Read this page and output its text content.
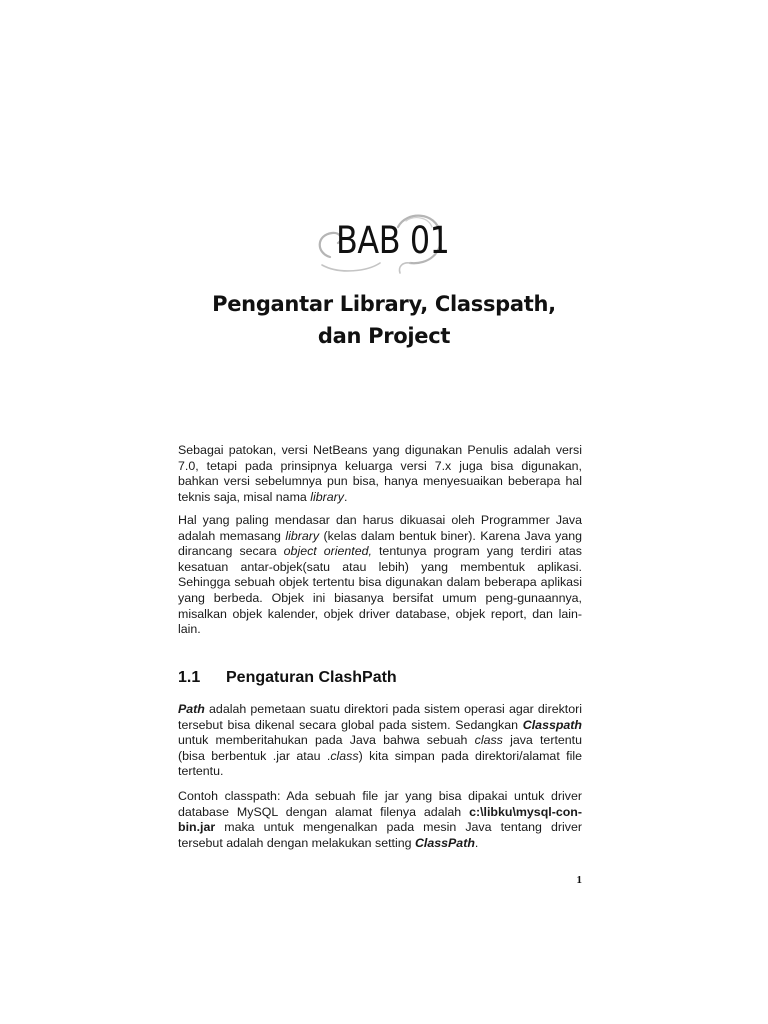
BAB 01
Pengantar Library, Classpath,
dan Project

Sebagai patokan, versi NetBeans yang digunakan Penulis adalah versi 7.0, tetapi pada prinsipnya keluarga versi 7.x juga bisa digunakan, bahkan versi sebelumnya pun bisa, hanya menyesuaikan beberapa hal teknis saja, misal nama library.

Hal yang paling mendasar dan harus dikuasai oleh Programmer Java adalah memasang library (kelas dalam bentuk biner). Karena Java yang dirancang secara object oriented, tentunya program yang terdiri atas kesatuan antar-objek(satu atau lebih) yang membentuk aplikasi. Sehingga sebuah objek tertentu bisa digunakan dalam beberapa aplikasi yang berbeda. Objek ini biasanya bersifat umum peng-gunaannya, misalkan objek kalender, objek driver database, objek report, dan lain-lain.

1.1 Pengaturan ClashPath

Path adalah pemetaan suatu direktori pada sistem operasi agar direktori tersebut bisa dikenal secara global pada sistem. Sedangkan Classpath untuk memberitahukan pada Java bahwa sebuah class java tertentu (bisa berbentuk .jar atau .class) kita simpan pada direktori/alamat file tertentu.

Contoh classpath: Ada sebuah file jar yang bisa dipakai untuk driver database MySQL dengan alamat filenya adalah c:\libku\mysql-con-bin.jar maka untuk mengenalkan pada mesin Java tentang driver tersebut adalah dengan melakukan setting ClassPath.

1
